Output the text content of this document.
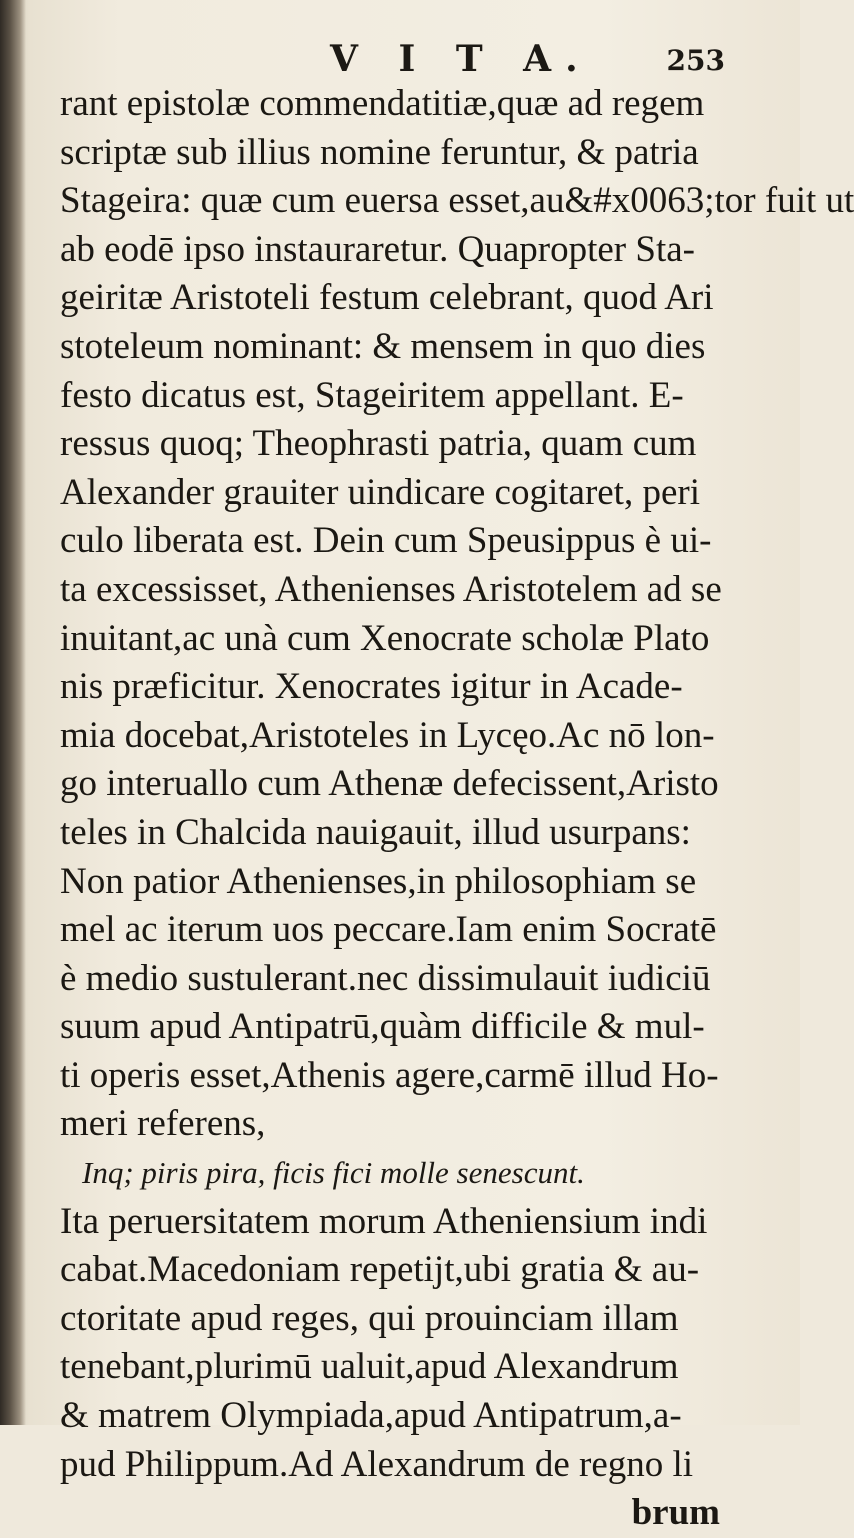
V I T A.	253
rant epistolæ commendatitiæ,quæ ad regem
scriptæ sub illius nomine feruntur, & patria
Stageira: quæ cum euersa esset,au&#x0063;tor fuit ut
ab eodē ipso instauraretur. Quapropter Sta-
geiritæ Aristoteli festum celebrant, quod Ari
stoteleum nominant: & mensem in quo dies
festo dicatus est, Stageiritem appellant. E-
ressus quoq; Theophrasti patria, quam cum
Alexander grauiter uindicare cogitaret, peri
culo liberata est. Dein cum Speusippus è ui-
ta excessisset, Athenienses Aristotelem ad se
inuitant,ac unà cum Xenocrate scholæ Plato
nis præficitur. Xenocrates igitur in Acade-
mia docebat,Aristoteles in Lycęo.Ac nō lon-
go interuallo cum Athenæ defecissent,Aristo
teles in Chalcida nauigauit, illud usurpans:
Non patior Athenienses,in philosophiam se
mel ac iterum uos peccare.Iam enim Socratē
è medio sustulerant.nec dissimulauit iudiciū
suum apud Antipatrū,quàm difficile & mul-
ti operis esset,Athenis agere,carmē illud Ho-
meri referens,
Inq; piris pira, ficis fici molle senescunt.
Ita peruersitatem morum Atheniensium indi
cabat.Macedoniam repetijt,ubi gratia & au-
ctoritate apud reges, qui prouinciam illam
tenebant,plurimū ualuit,apud Alexandrum
& matrem Olympiada,apud Antipatrum,a-
pud Philippum.Ad Alexandrum de regno li
brum
